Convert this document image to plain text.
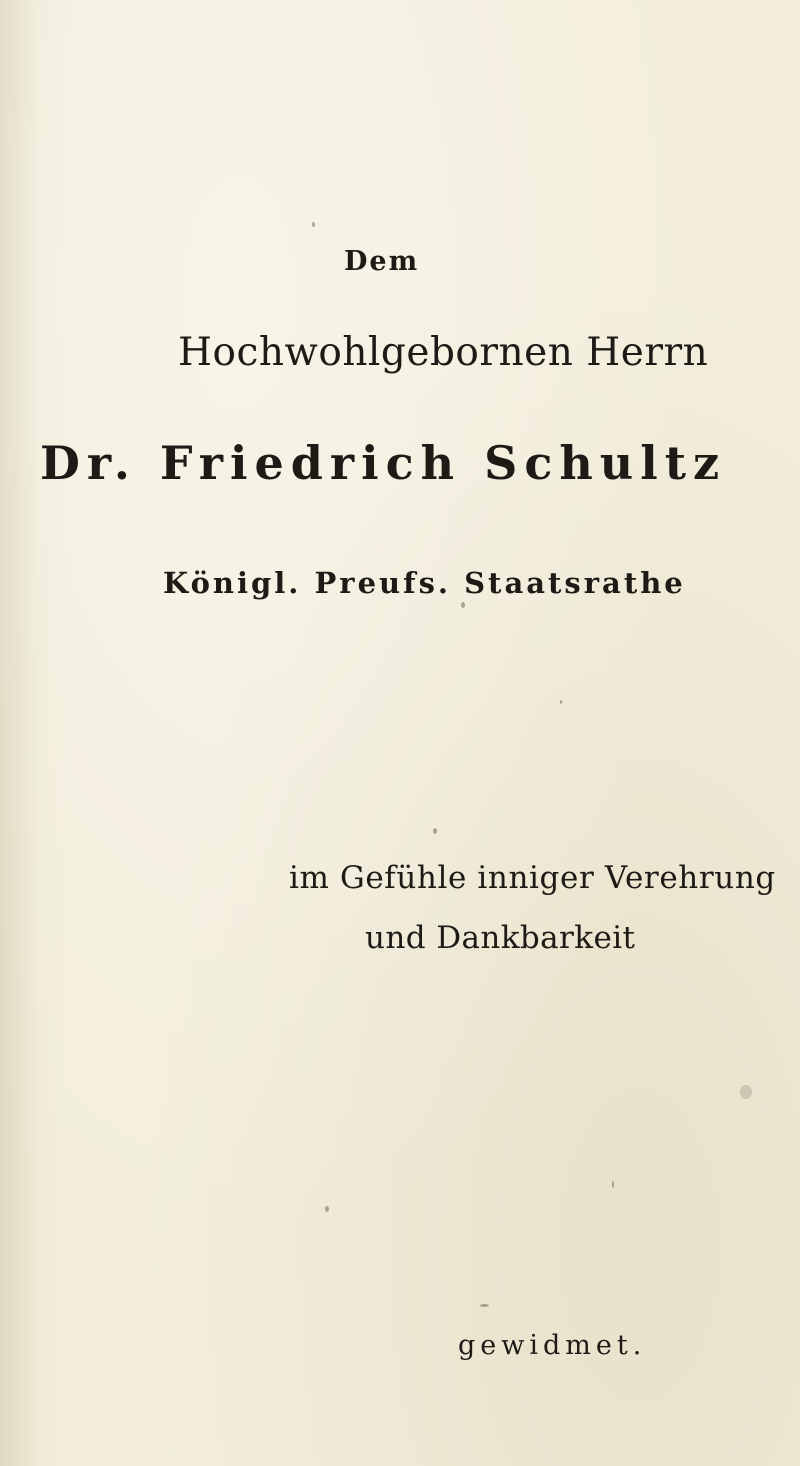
Dem

Hochwohlgebornen Herrn

Dr. Friedrich Schultz

Königl. Preufs. Staatsrathe

im Gefühle inniger Verehrung

und Dankbarkeit

gewidmet.
